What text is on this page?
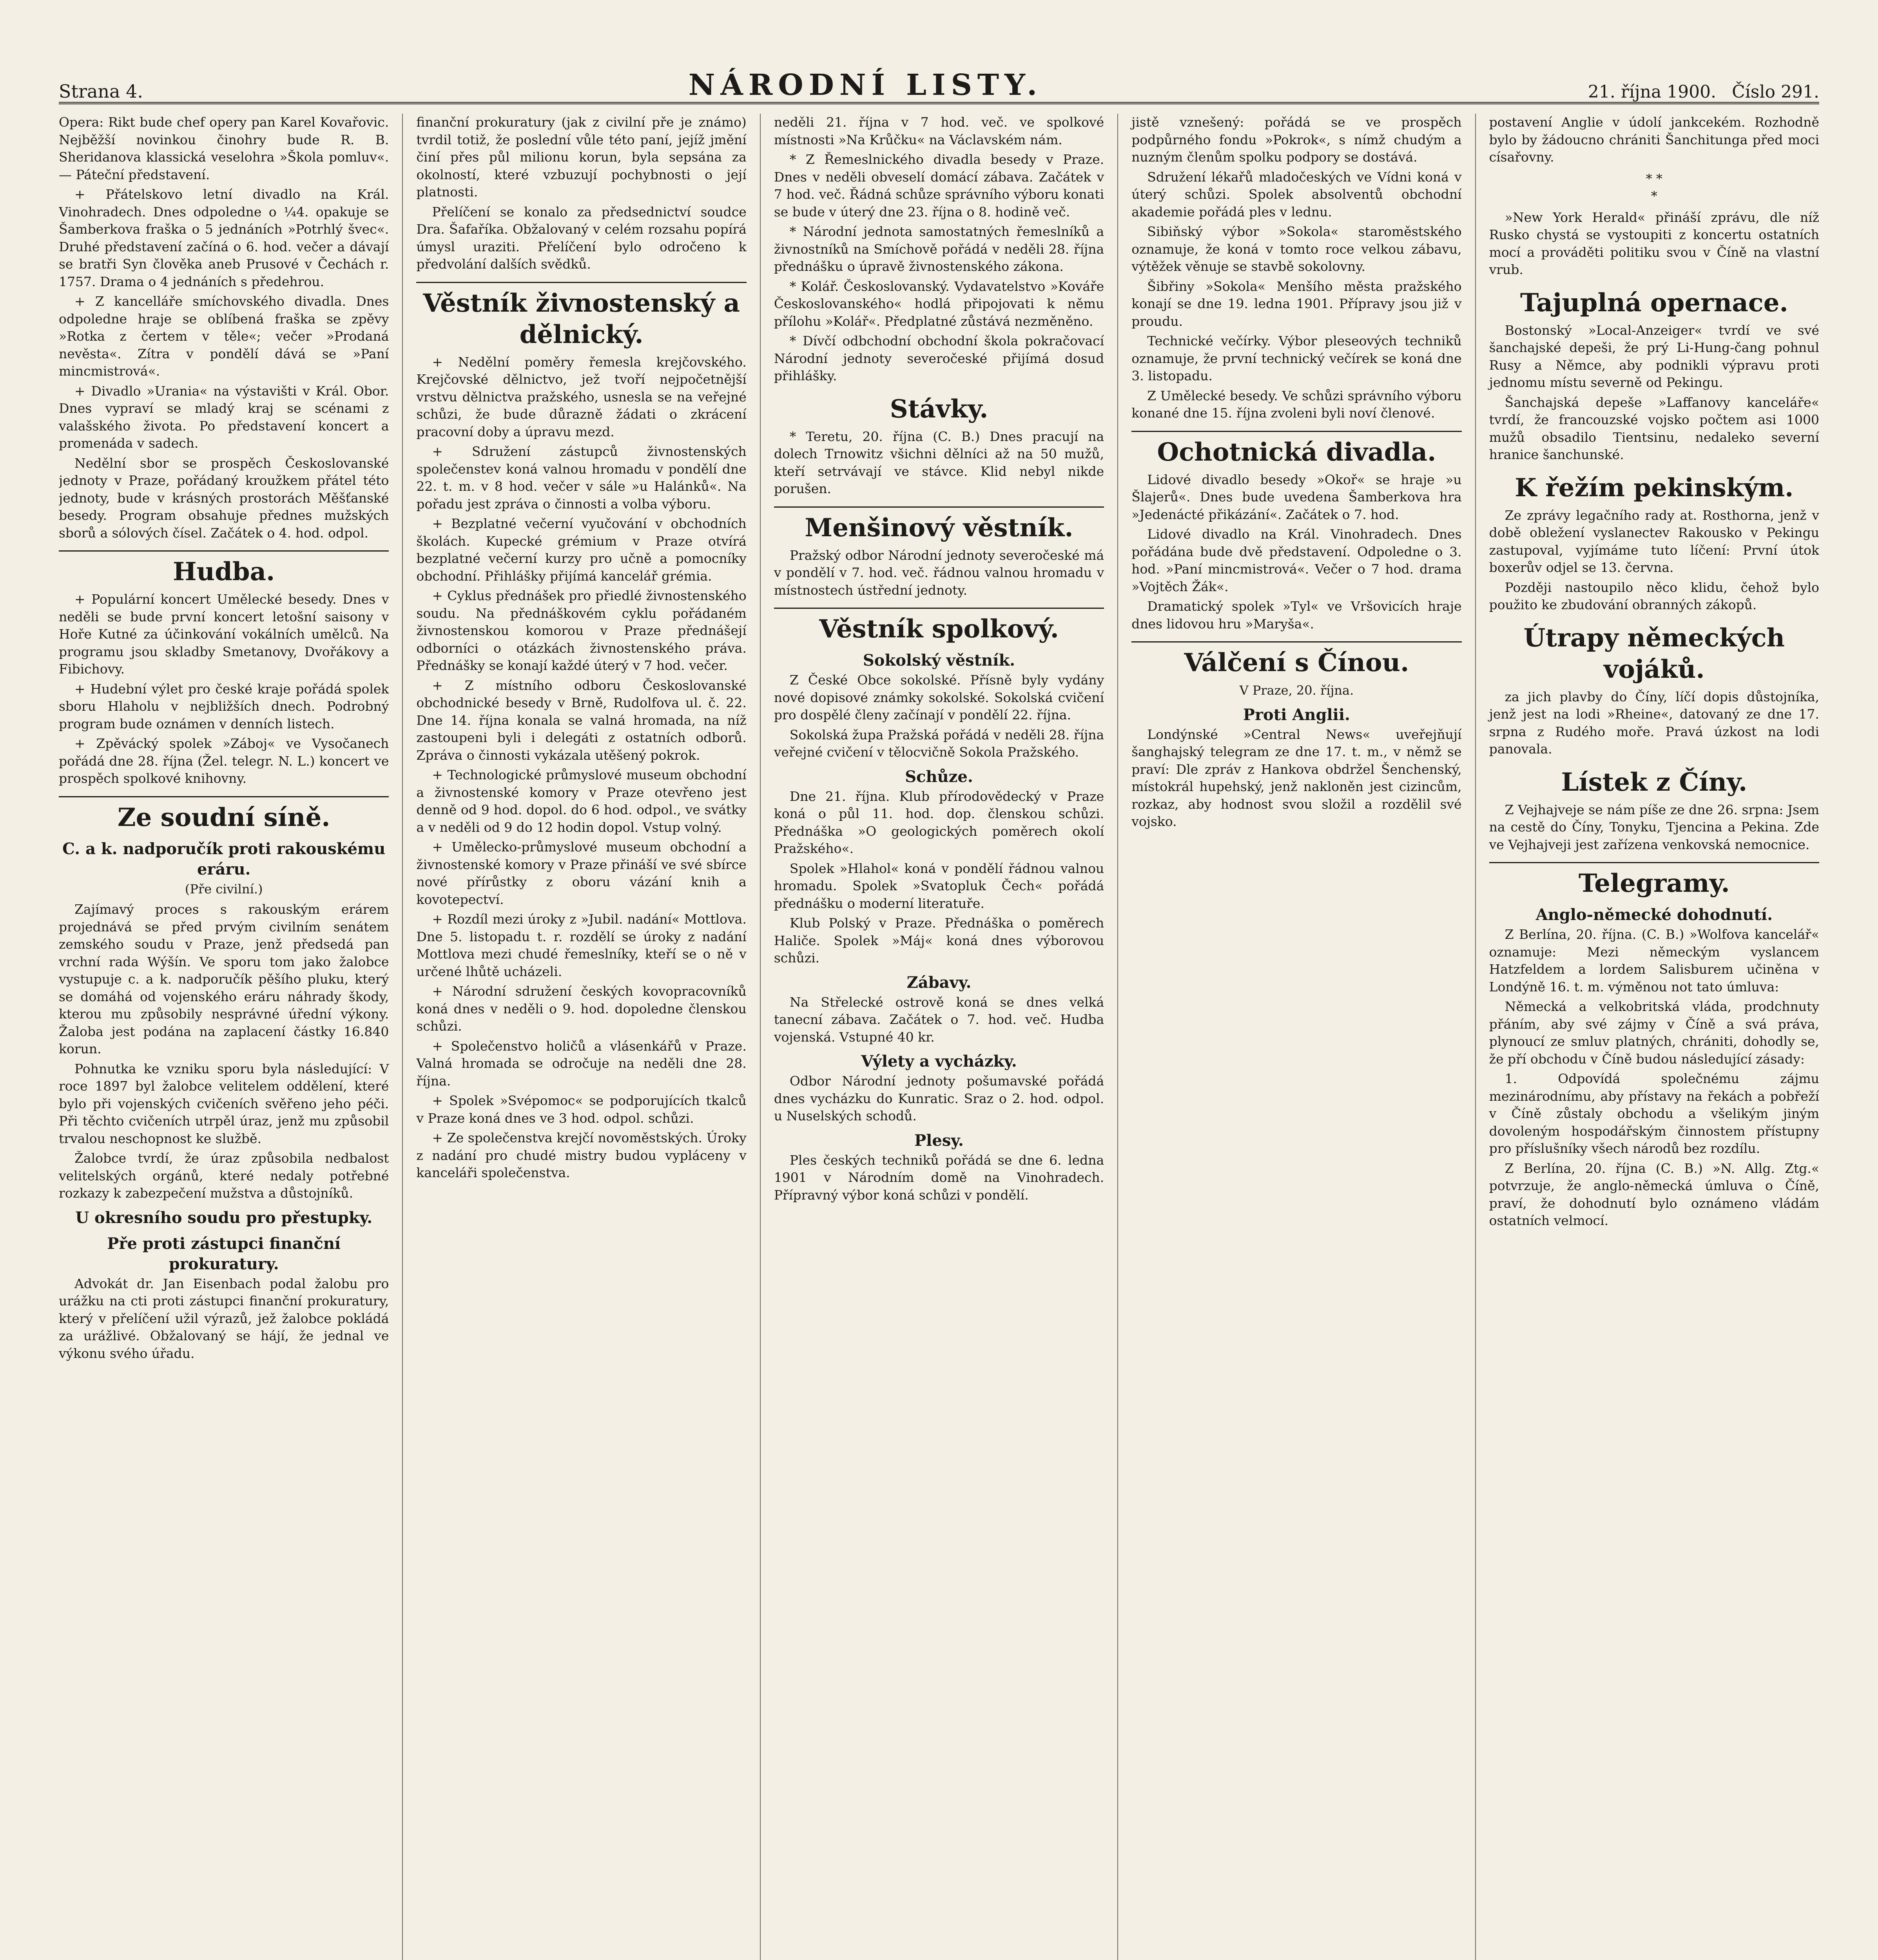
Strana 4.	NÁRODNÍ LISTY.	21. října 1900. Číslo 291.

Opera: Rikt bude chef opery pan Karel Kovařovic. Nejběžší novinkou činohry bude R. B. Sheridanova klassická veselohra »Škola pomluv«. — Páteční představení.

+ Přátelskovo letní divadlo na Král. Vinohradech. Dnes odpoledne o ¼4. opakuje se Šamberkova fraška o 5 jednáních »Potrhlý švec«. Druhé představení začíná o 6. hod. večer a dávají se bratři Syn člověka aneb Prusové v Čechách r. 1757. Drama o 4 jednáních s předehrou.

+ Z kancelláře smíchovského divadla. Dnes odpoledne hraje se oblíbená fraška se zpěvy »Rotka z čertem v těle«; večer »Prodaná nevěsta«. Zítra v pondělí dává se »Paní mincmistrová«.

+ Divadlo »Urania« na výstavišti v Král. Obor. Dnes vypraví se mladý kraj se scénami z valašského života. Po představení koncert a promenáda v sadech.

Nedělní sbor se prospěch Českoslovanské jednoty v Praze, pořádaný kroužkem přátel této jednoty, bude v krásných prostorách Měšťanské besedy. Program obsahuje přednes mužských sborů a sólových čísel. Začátek o 4. hod. odpol.

Hudba.

+ Populární koncert Umělecké besedy. Dnes v neděli se bude první koncert letošní saisony v Hoře Kutné za účinkování vokálních umělců. Na programu jsou skladby Smetanovy, Dvořákovy a Fibichovy.

+ Hudební výlet pro české kraje pořádá spolek sboru Hlaholu v nejbližších dnech. Podrobný program bude oznámen v denních listech.

+ Zpěvácký spolek »Záboj« ve Vysočanech pořádá dne 28. října (Žel. telegr. N. L.) koncert ve prospěch spolkové knihovny.

Ze soudní síně.
C. a k. nadporučík proti rakouskému eráru.
(Pře civilní.)

Zajímavý proces s rakouským erárem projednává se před prvým civilním senátem zemského soudu v Praze, jenž předsedá pan vrchní rada Wýšín. Ve sporu tom jako žalobce vystupuje c. a k. nadporučík pěšího pluku, který se domáhá od vojenského eráru náhrady škody, kterou mu způsobily nesprávné úřední výkony. Žaloba jest podána na zaplacení částky 16.840 korun.

Pohnutka ke vzniku sporu byla následující: V roce 1897 byl žalobce velitelem oddělení, které bylo při vojenských cvičeních svěřeno jeho péči. Při těchto cvičeních utrpěl úraz, jenž mu způsobil trvalou neschopnost ke službě.

Žalobce tvrdí, že úraz způsobila nedbalost velitelských orgánů, které nedaly potřebné rozkazy k zabezpečení mužstva a důstojníků.

U okresního soudu pro přestupky.
Pře proti zástupci finanční prokuratury.

Advokát dr. Jan Eisenbach podal žalobu pro urážku na cti proti zástupci finanční prokuratury, který v přelíčení užil výrazů, jež žalobce pokládá za urážlivé. Obžalovaný se hájí, že jednal ve výkonu svého úřadu.

finanční prokuratury (jak z civilní pře je známo) tvrdil totiž, že poslední vůle této paní, jejíž jmění činí přes půl milionu korun, byla sepsána za okolností, které vzbuzují pochybnosti o její platnosti.

Přelíčení se konalo za předsednictví soudce Dra. Šafaříka. Obžalovaný v celém rozsahu popírá úmysl uraziti. Přelíčení bylo odročeno k předvolání dalších svědků.

Věstník živnostenský a dělnický.

+ Nedělní poměry řemesla krejčovského. Krejčovské dělnictvo, jež tvoří nejpočetnější vrstvu dělnictva pražského, usnesla se na veřejné schůzi, že bude důrazně žádati o zkrácení pracovní doby a úpravu mezd.

+ Sdružení zástupců živnostenských společenstev koná valnou hromadu v pondělí dne 22. t. m. v 8 hod. večer v sále »u Halánků«. Na pořadu jest zpráva o činnosti a volba výboru.

+ Bezplatné večerní vyučování v obchodních školách. Kupecké grémium v Praze otvírá bezplatné večerní kurzy pro učně a pomocníky obchodní. Přihlášky přijímá kancelář grémia.

+ Cyklus přednášek pro přiedlé živnostenského soudu. Na přednáškovém cyklu pořádaném živnostenskou komorou v Praze přednášejí odborníci o otázkách živnostenského práva. Přednášky se konají každé úterý v 7 hod. večer.

+ Z místního odboru Českoslovanské obchodnické besedy v Brně, Rudolfova ul. č. 22. Dne 14. října konala se valná hromada, na níž zastoupeni byli i delegáti z ostatních odborů. Zpráva o činnosti vykázala utěšený pokrok.

+ Technologické průmyslové museum obchodní a živnostenské komory v Praze otevřeno jest denně od 9 hod. dopol. do 6 hod. odpol., ve svátky a v neděli od 9 do 12 hodin dopol. Vstup volný.

+ Umělecko-průmyslové museum obchodní a živnostenské komory v Praze přináší ve své sbírce nové přírůstky z oboru vázání knih a kovotepectví.

+ Rozdíl mezi úroky z »Jubil. nadání« Mottlova. Dne 5. listopadu t. r. rozdělí se úroky z nadání Mottlova mezi chudé řemeslníky, kteří se o ně v určené lhůtě ucházeli.

+ Národní sdružení českých kovopracovníků koná dnes v neděli o 9. hod. dopoledne členskou schůzi.

+ Společenstvo holičů a vlásenkářů v Praze. Valná hromada se odročuje na neděli dne 28. října.

+ Spolek »Svépomoc« se podporujících tkalců v Praze koná dnes ve 3 hod. odpol. schůzi.

+ Ze společenstva krejčí novoměstských. Úroky z nadání pro chudé mistry budou vypláceny v kanceláři společenstva.

neděli 21. října v 7 hod. več. ve spolkové místnosti »Na Krůčku« na Václavském nám.

* Z Řemeslnického divadla besedy v Praze. Dnes v neděli obveselí domácí zábava. Začátek v 7 hod. več. Řádná schůze správního výboru konati se bude v úterý dne 23. října o 8. hodině več.

* Národní jednota samostatných řemeslníků a živnostníků na Smíchově pořádá v neděli 28. října přednášku o úpravě živnostenského zákona.

* Kolář. Českoslovanský. Vydavatelstvo »Kováře Českoslovanského« hodlá připojovati k němu přílohu »Kolář«. Předplatné zůstává nezměněno.

* Dívčí odbchodní obchodní škola pokračovací Národní jednoty severočeské přijímá dosud přihlášky.

Stávky.

* Teretu, 20. října (C. B.) Dnes pracují na dolech Trnowitz všichni dělníci až na 50 mužů, kteří setrvávají ve stávce. Klid nebyl nikde porušen.

Menšinový věstník.

Pražský odbor Národní jednoty severočeské má v pondělí v 7. hod. več. řádnou valnou hromadu v místnostech ústřední jednoty.

Věstník spolkový.
Sokolský věstník.

Z České Obce sokolské. Přísně byly vydány nové dopisové známky sokolské. Sokolská cvičení pro dospělé členy začínají v pondělí 22. října.

Sokolská župa Pražská pořádá v neděli 28. října veřejné cvičení v tělocvičně Sokola Pražského.

Schůze.

Dne 21. října. Klub přírodovědecký v Praze koná o půl 11. hod. dop. členskou schůzi. Přednáška »O geologických poměrech okolí Pražského«.

Spolek »Hlahol« koná v pondělí řádnou valnou hromadu. Spolek »Svatopluk Čech« pořádá přednášku o moderní literatuře.

Klub Polský v Praze. Přednáška o poměrech Haliče. Spolek »Máj« koná dnes výborovou schůzi.

Zábavy.

Na Střelecké ostrově koná se dnes velká tanecní zábava. Začátek o 7. hod. več. Hudba vojenská. Vstupné 40 kr.

Výlety a vycházky.

Odbor Národní jednoty pošumavské pořádá dnes vycházku do Kunratic. Sraz o 2. hod. odpol. u Nuselských schodů.

Plesy.

Ples českých techniků pořádá se dne 6. ledna 1901 v Národním domě na Vinohradech. Přípravný výbor koná schůzi v pondělí.

jistě vznešený: pořádá se ve prospěch podpůrného fondu »Pokrok«, s nímž chudým a nuzným členům spolku podpory se dostává.

Sdružení lékařů mladočeských ve Vídni koná v úterý schůzi. Spolek absolventů obchodní akademie pořádá ples v lednu.

Sibiňský výbor »Sokola« staroměstského oznamuje, že koná v tomto roce velkou zábavu, výtěžek věnuje se stavbě sokolovny.

Šibřiny »Sokola« Menšího města pražského konají se dne 19. ledna 1901. Přípravy jsou již v proudu.

Technické večírky. Výbor pleseových techniků oznamuje, že první technický večírek se koná dne 3. listopadu.

Z Umělecké besedy. Ve schůzi správního výboru konané dne 15. října zvoleni byli noví členové.

Ochotnická divadla.

Lidové divadlo besedy »Okoř« se hraje »u Šlajerů«. Dnes bude uvedena Šamberkova hra »Jedenácté přikázání«. Začátek o 7. hod.

Lidové divadlo na Král. Vinohradech. Dnes pořádána bude dvě představení. Odpoledne o 3. hod. »Paní mincmistrová«. Večer o 7 hod. drama »Vojtěch Žák«.

Dramatický spolek »Tyl« ve Vršovicích hraje dnes lidovou hru »Maryša«.

Válčení s Čínou.
V Praze, 20. října.
Proti Anglii.

Londýnské »Central News« uveřejňují šanghajský telegram ze dne 17. t. m., v němž se praví: Dle zpráv z Hankova obdržel Šenchenský, místokrál hupehský, jenž nakloněn jest cizincům, rozkaz, aby hodnost svou složil a rozdělil své vojsko.

postavení Anglie v údolí jankcekém. Rozhodně bylo by žádoucno chrániti Šanchitunga před moci císařovny.

* *
*

»New York Herald« přináší zprávu, dle níž Rusko chystá se vystoupiti z koncertu ostatních mocí a prováděti politiku svou v Číně na vlastní vrub.

Tajuplná opernace.

Bostonský »Local-Anzeiger« tvrdí ve své šanchajské depeši, že prý Li-Hung-čang pohnul Rusy a Němce, aby podnikli výpravu proti jednomu místu severně od Pekingu.

Šanchajská depeše »Laffanovy kanceláře« tvrdí, že francouzské vojsko počtem asi 1000 mužů obsadilo Tientsinu, nedaleko severní hranice šanchunské.

K řežím pekinským.

Ze zprávy legačního rady at. Rosthorna, jenž v době obležení vyslanectev Rakousko v Pekingu zastupoval, vyjímáme tuto líčení: První útok boxerův odjel se 13. června.

Později nastoupilo něco klidu, čehož bylo použito ke zbudování obranných zákopů.

Útrapy německých vojáků.

za jich plavby do Číny, líčí dopis důstojníka, jenž jest na lodi »Rheine«, datovaný ze dne 17. srpna z Rudého moře. Pravá úzkost na lodi panovala.

Lístek z Číny.

Z Vejhajveje se nám píše ze dne 26. srpna: Jsem na cestě do Číny, Tonyku, Tjencina a Pekina. Zde ve Vejhajveji jest zařízena venkovská nemocnice.

Telegramy.
Anglo-německé dohodnutí.

Z Berlína, 20. října. (C. B.) »Wolfova kancelář« oznamuje: Mezi německým vyslancem Hatzfeldem a lordem Salisburem učiněna v Londýně 16. t. m. výměnou not tato úmluva:

Německá a velkobritská vláda, prodchnuty přáním, aby své zájmy v Číně a svá práva, plynoucí ze smluv platných, chrániti, dohodly se, že pří obchodu v Číně budou následující zásady:

1. Odpovídá společnému zájmu mezinárodnímu, aby přístavy na řekách a pobřeží v Číně zůstaly obchodu a všelikým jiným dovoleným hospodářským činnostem přístupny pro příslušníky všech národů bez rozdílu.

Z Berlína, 20. října (C. B.) »N. Allg. Ztg.« potvrzuje, že anglo-německá úmluva o Číně, praví, že dohodnutí bylo oznámeno vládám ostatních velmocí.
